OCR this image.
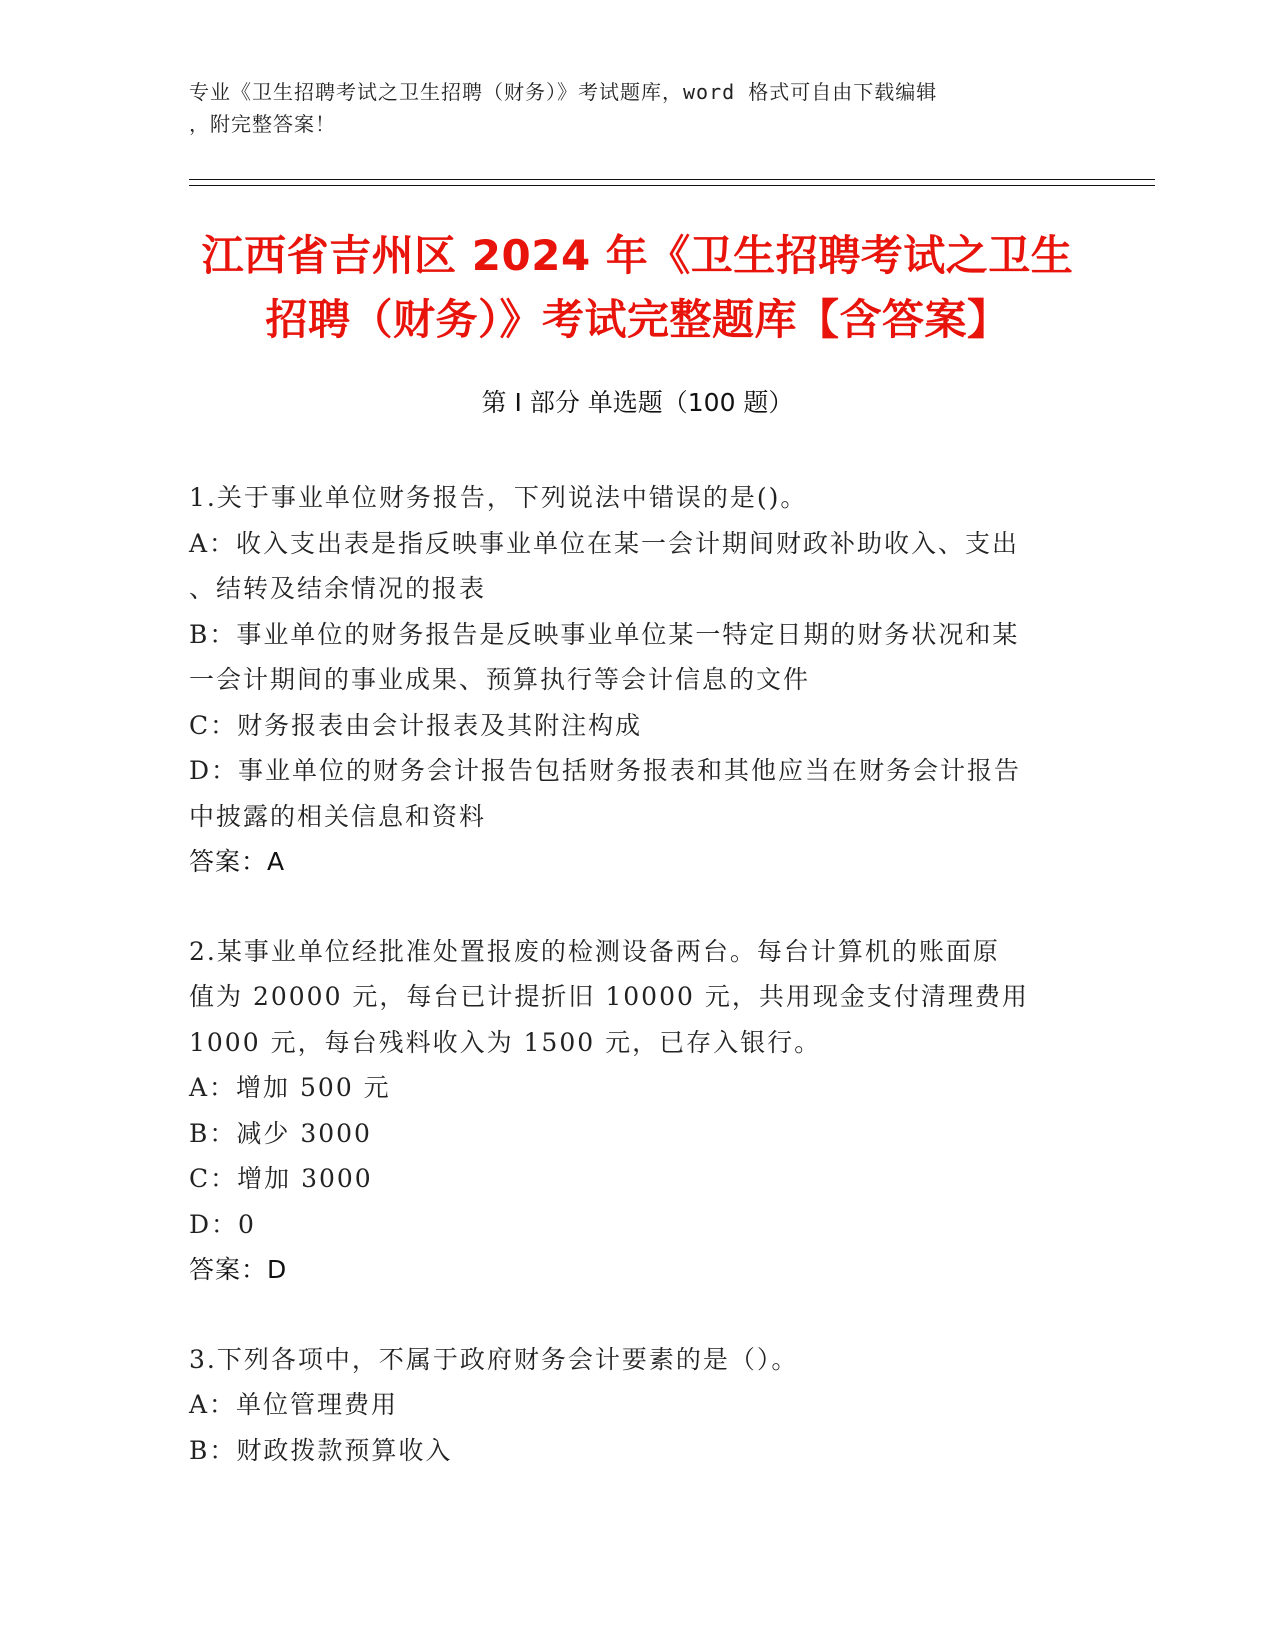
专业《卫生招聘考试之卫生招聘（财务）》考试题库，word 格式可自由下载编辑
，附完整答案！
江西省吉州区 2024 年《卫生招聘考试之卫生
招聘（财务）》考试完整题库【含答案】
第 I 部分 单选题（100 题）
1.关于事业单位财务报告，下列说法中错误的是()。
A：收入支出表是指反映事业单位在某一会计期间财政补助收入、支出
、结转及结余情况的报表
B：事业单位的财务报告是反映事业单位某一特定日期的财务状况和某
一会计期间的事业成果、预算执行等会计信息的文件
C：财务报表由会计报表及其附注构成
D：事业单位的财务会计报告包括财务报表和其他应当在财务会计报告
中披露的相关信息和资料
答案：A
2.某事业单位经批准处置报废的检测设备两台。每台计算机的账面原
值为 20000 元，每台已计提折旧 10000 元，共用现金支付清理费用
1000 元，每台残料收入为 1500 元，已存入银行。
A：增加 500 元
B：减少 3000
C：增加 3000
D：0
答案：D
3.下列各项中，不属于政府财务会计要素的是（）。
A：单位管理费用
B：财政拨款预算收入
